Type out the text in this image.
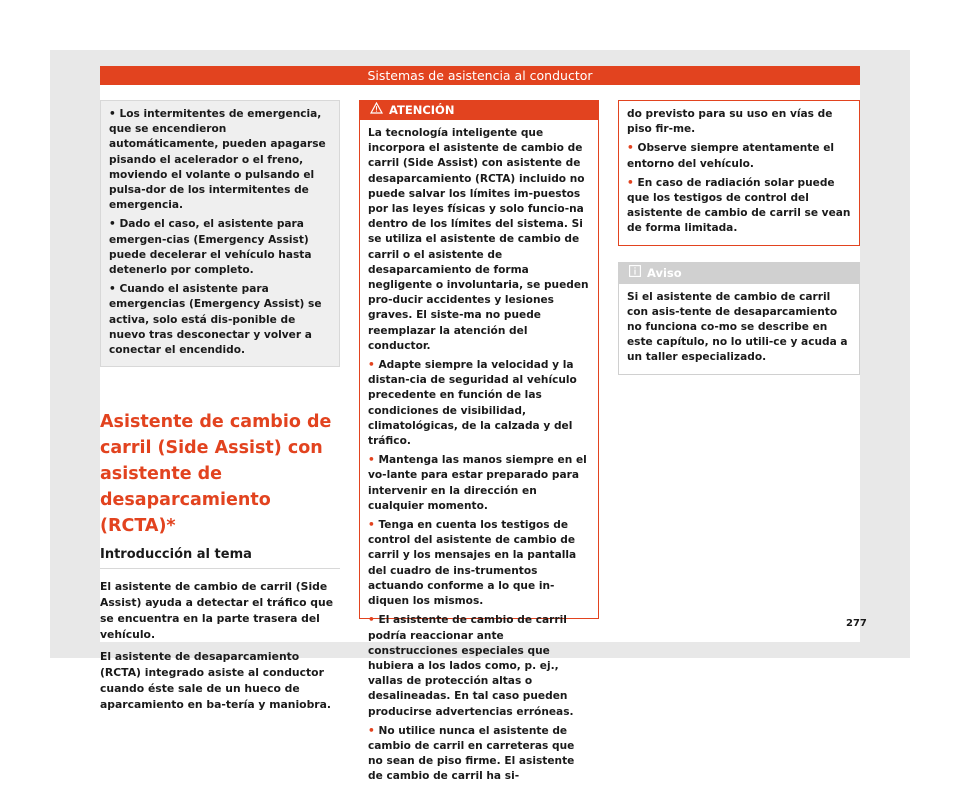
Sistemas de asistencia al conductor

• Los intermitentes de emergencia, que se encendieron automáticamente, pueden apagarse pisando el acelerador o el freno, moviendo el volante o pulsando el pulsa-dor de los intermitentes de emergencia.

• Dado el caso, el asistente para emergen-cias (Emergency Assist) puede decelerar el vehículo hasta detenerlo por completo.

• Cuando el asistente para emergencias (Emergency Assist) se activa, solo está dis-ponible de nuevo tras desconectar y volver a conectar el encendido.

Asistente de cambio de carril (Side Assist) con asistente de desaparcamiento (RCTA)*
Introducción al tema

El asistente de cambio de carril (Side Assist) ayuda a detectar el tráfico que se encuentra en la parte trasera del vehículo.

El asistente de desaparcamiento (RCTA) integrado asiste al conductor cuando éste sale de un hueco de aparcamiento en ba-tería y maniobra.

ATENCIÓN

La tecnología inteligente que incorpora el asistente de cambio de carril (Side Assist) con asistente de desaparcamiento (RCTA) incluido no puede salvar los límites im-puestos por las leyes físicas y solo funcio-na dentro de los límites del sistema. Si se utiliza el asistente de cambio de carril o el asistente de desaparcamiento de forma negligente o involuntaria, se pueden pro-ducir accidentes y lesiones graves. El siste-ma no puede reemplazar la atención del conductor.

• Adapte siempre la velocidad y la distan-cia de seguridad al vehículo precedente en función de las condiciones de visibilidad, climatológicas, de la calzada y del tráfico.

• Mantenga las manos siempre en el vo-lante para estar preparado para intervenir en la dirección en cualquier momento.

• Tenga en cuenta los testigos de control del asistente de cambio de carril y los mensajes en la pantalla del cuadro de ins-trumentos actuando conforme a lo que in-diquen los mismos.

• El asistente de cambio de carril podría reaccionar ante construcciones especiales que hubiera a los lados como, p. ej., vallas de protección altas o desalineadas. En tal caso pueden producirse advertencias erróneas.

• No utilice nunca el asistente de cambio de carril en carreteras que no sean de piso firme. El asistente de cambio de carril ha si-

do previsto para su uso en vías de piso fir-me.

• Observe siempre atentamente el entorno del vehículo.

• En caso de radiación solar puede que los testigos de control del asistente de cambio de carril se vean de forma limitada.

Aviso

Si el asistente de cambio de carril con asis-tente de desaparcamiento no funciona co-mo se describe en este capítulo, no lo utili-ce y acuda a un taller especializado.

277
